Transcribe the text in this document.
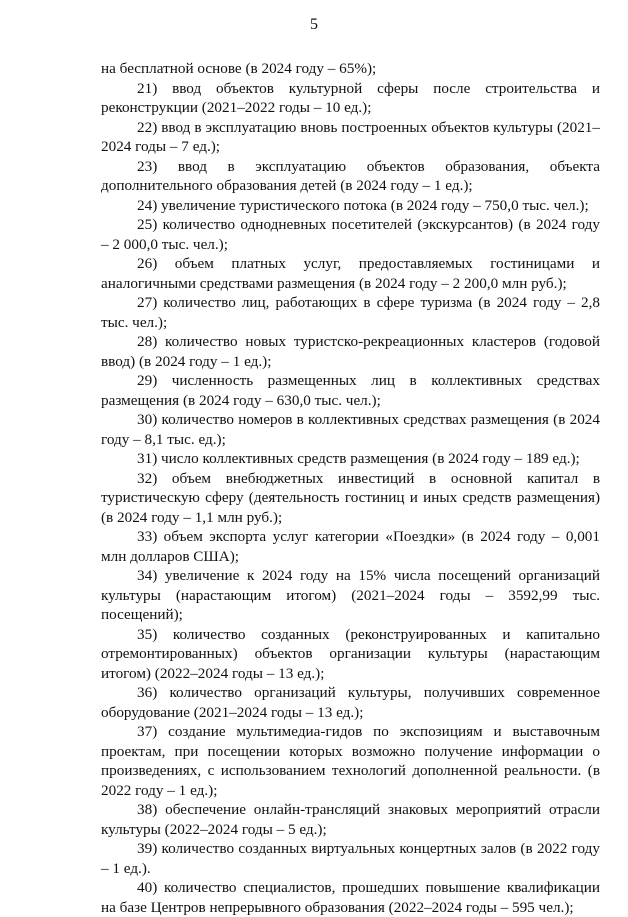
5

на бесплатной основе (в 2024 году – 65%);

21) ввод объектов культурной сферы после строительства и реконструкции (2021–2022 годы – 10 ед.);

22) ввод в эксплуатацию вновь построенных объектов культуры (2021–2024 годы – 7 ед.);

23) ввод в эксплуатацию объектов образования, объекта дополнительного образования детей (в 2024 году – 1 ед.);

24) увеличение туристического потока (в 2024 году – 750,0 тыс. чел.);

25) количество однодневных посетителей (экскурсантов) (в 2024 году – 2 000,0 тыс. чел.);

26) объем платных услуг, предоставляемых гостиницами и аналогичными средствами размещения (в 2024 году – 2 200,0 млн руб.);

27) количество лиц, работающих в сфере туризма (в 2024 году – 2,8 тыс. чел.);

28) количество новых туристско-рекреационных кластеров (годовой ввод) (в 2024 году – 1 ед.);

29) численность размещенных лиц в коллективных средствах размещения (в 2024 году – 630,0 тыс. чел.);

30) количество номеров в коллективных средствах размещения (в 2024 году – 8,1 тыс. ед.);

31) число коллективных средств размещения (в 2024 году – 189 ед.);

32) объем внебюджетных инвестиций в основной капитал в туристическую сферу (деятельность гостиниц и иных средств размещения) (в 2024 году – 1,1 млн руб.);

33) объем экспорта услуг категории «Поездки» (в 2024 году – 0,001 млн долларов США);

34) увеличение к 2024 году на 15% числа посещений организаций культуры (нарастающим итогом) (2021–2024 годы – 3592,99 тыс. посещений);

35) количество созданных (реконструированных и капитально отремонтированных) объектов организации культуры (нарастающим итогом) (2022–2024 годы – 13 ед.);

36) количество организаций культуры, получивших современное оборудование (2021–2024 годы – 13 ед.);

37) создание мультимедиа-гидов по экспозициям и выставочным проектам, при посещении которых возможно получение информации о произведениях, с использованием технологий дополненной реальности. (в 2022 году – 1 ед.);

38) обеспечение онлайн-трансляций знаковых мероприятий отрасли культуры (2022–2024 годы – 5 ед.);

39) количество созданных виртуальных концертных залов (в 2022 году – 1 ед.).

40) количество специалистов, прошедших повышение квалификации на базе Центров непрерывного образования (2022–2024 годы – 595 чел.);
